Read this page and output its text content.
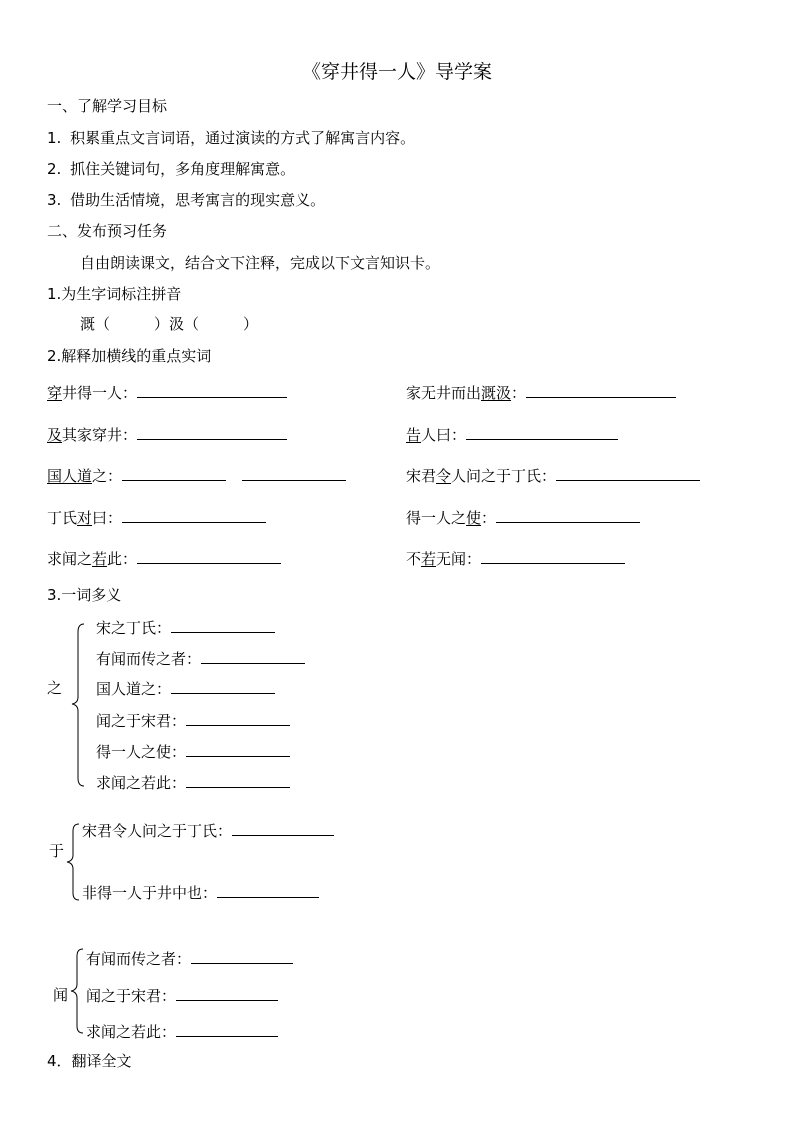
《穿井得一人》导学案
一、了解学习目标
1. 积累重点文言词语，通过演读的方式了解寓言内容。
2. 抓住关键词句，多角度理解寓意。
3. 借助生活情境，思考寓言的现实意义。
二、发布预习任务
自由朗读课文，结合文下注释，完成以下文言知识卡。
1.为生字词标注拼音
溉（	）汲（	）
2.解释加横线的重点实词
穿井得一人：	家无井而出溉汲：
及其家穿井：	告人曰：
国人道之：	宋君令人问之于丁氏：
丁氏对曰：	得一人之使：
求闻之若此：	不若无闻：
3.一词多义
之
宋之丁氏：
有闻而传之者：
国人道之：
闻之于宋君：
得一人之使：
求闻之若此：
于
宋君令人问之于丁氏：
非得一人于井中也：
闻
有闻而传之者：
闻之于宋君：
求闻之若此：
4．翻译全文
